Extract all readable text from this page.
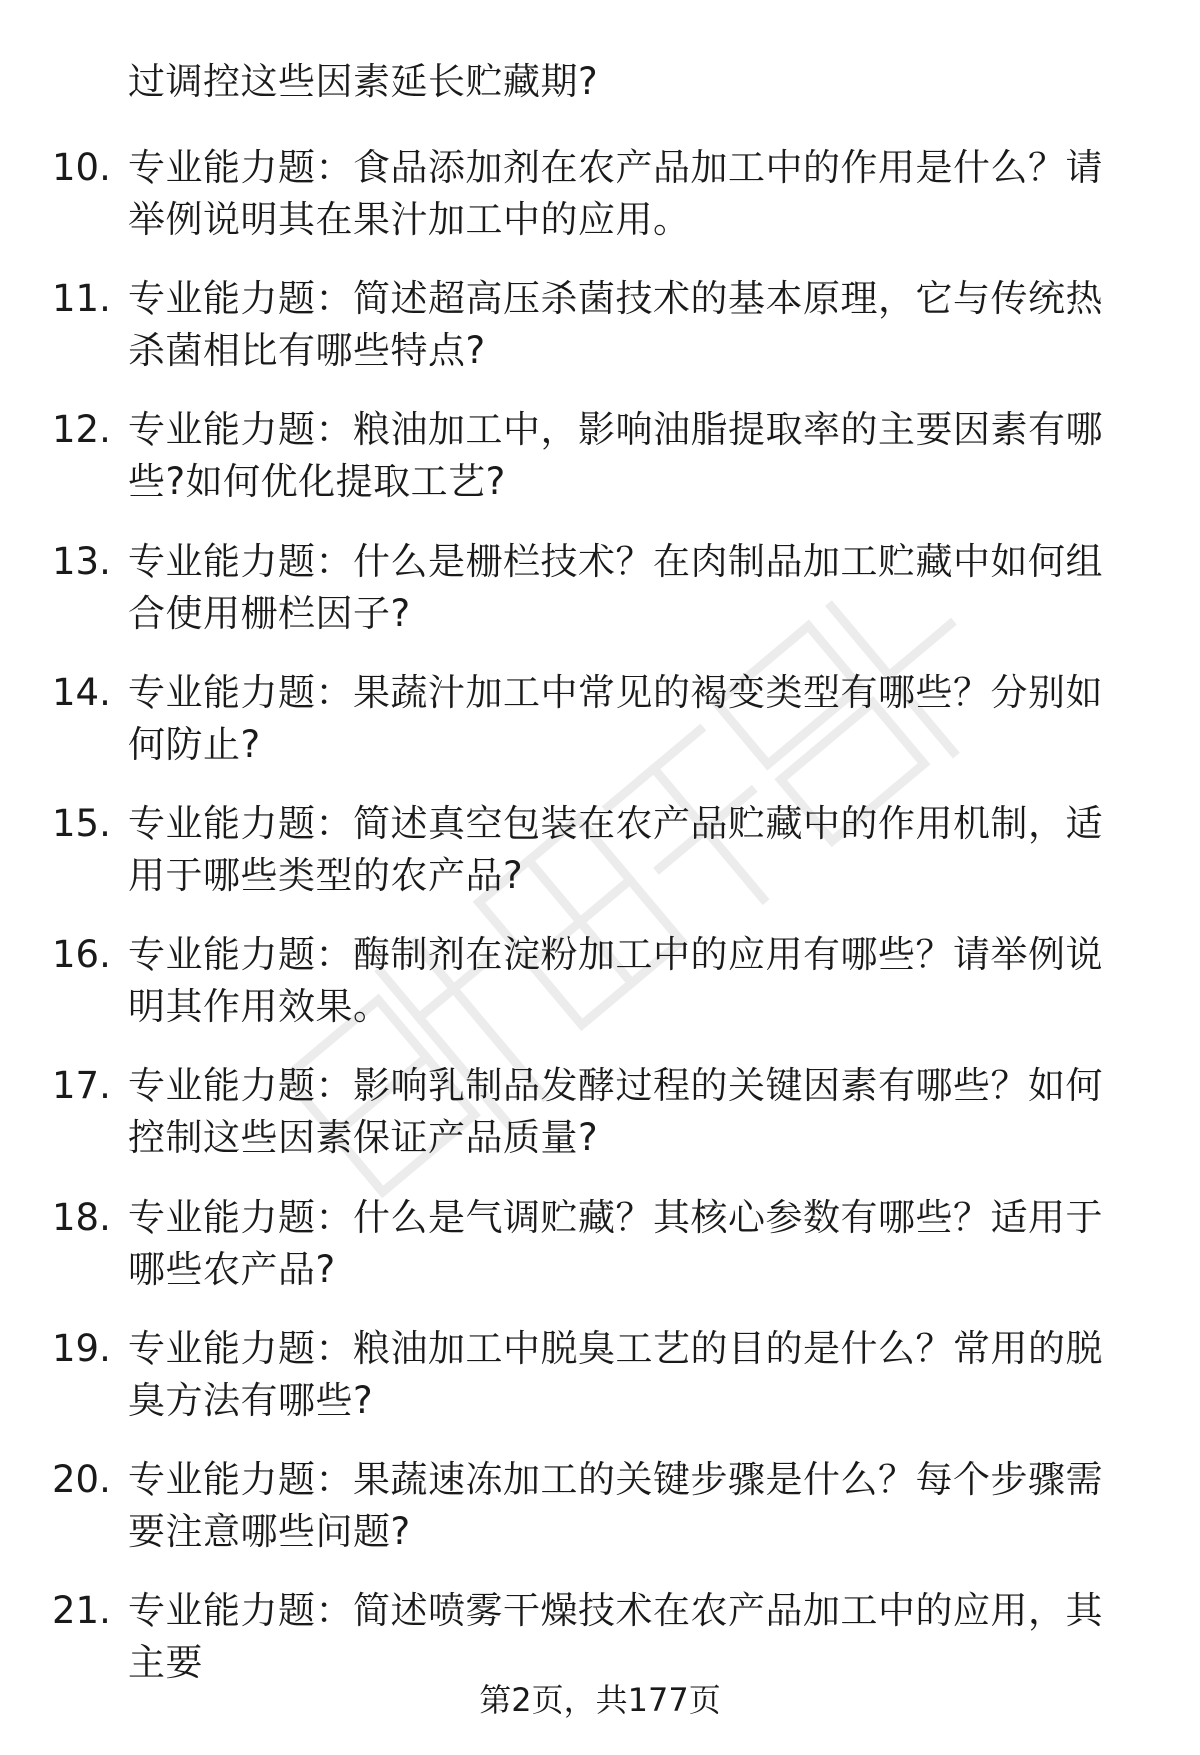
过调控这些因素延长贮藏期?
10. 专业能力题：食品添加剂在农产品加工中的作用是什么？请举例说明其在果汁加工中的应用。

11. 专业能力题：简述超高压杀菌技术的基本原理，它与传统热杀菌相比有哪些特点?

12. 专业能力题：粮油加工中，影响油脂提取率的主要因素有哪些?如何优化提取工艺?

13. 专业能力题：什么是栅栏技术？在肉制品加工贮藏中如何组合使用栅栏因子?

14. 专业能力题：果蔬汁加工中常见的褐变类型有哪些？分别如何防止?

15. 专业能力题：简述真空包装在农产品贮藏中的作用机制，适用于哪些类型的农产品?

16. 专业能力题：酶制剂在淀粉加工中的应用有哪些？请举例说明其作用效果。

17. 专业能力题：影响乳制品发酵过程的关键因素有哪些？如何控制这些因素保证产品质量?

18. 专业能力题：什么是气调贮藏？其核心参数有哪些？适用于哪些农产品?

19. 专业能力题：粮油加工中脱臭工艺的目的是什么？常用的脱臭方法有哪些?

20. 专业能力题：果蔬速冻加工的关键步骤是什么？每个步骤需要注意哪些问题?

21. 专业能力题：简述喷雾干燥技术在农产品加工中的应用，其主要

第2页，共177页
